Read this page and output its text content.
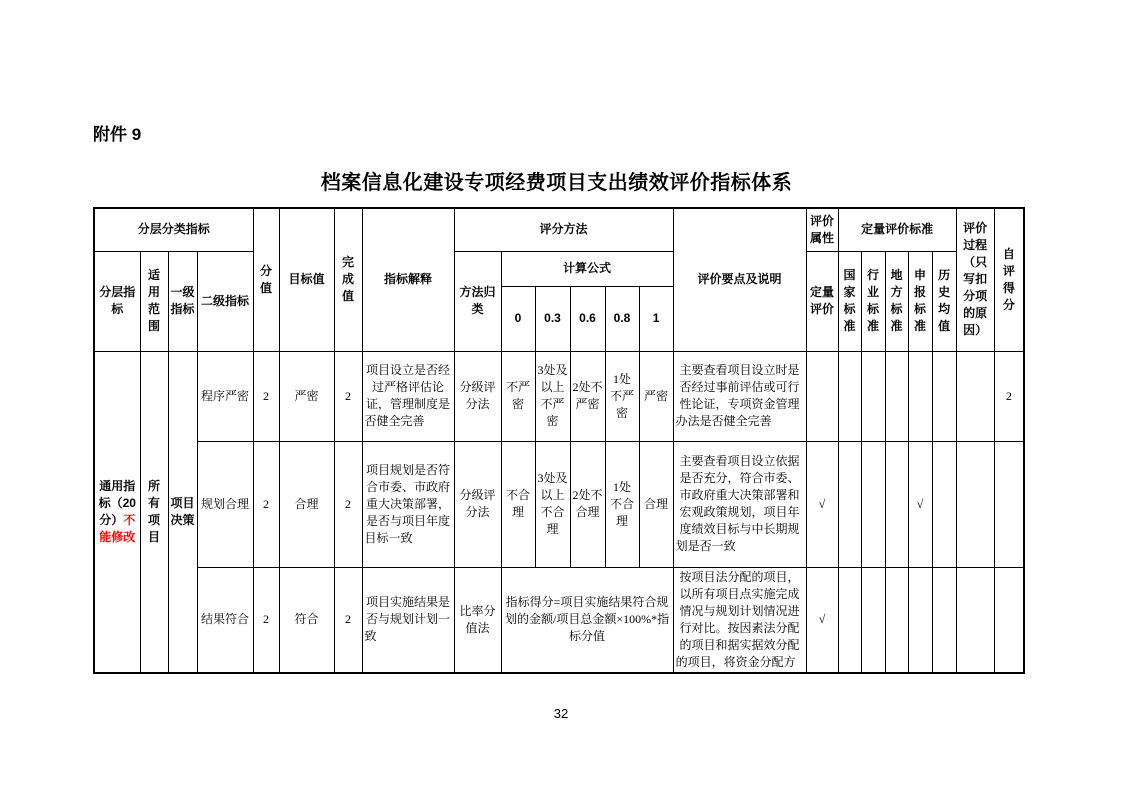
附件 9
档案信息化建设专项经费项目支出绩效评价指标体系
分层分类指标				分值	目标值	完成值	指标解释	评分方法						评价要点及说明	评价属性	定量评价标准					评价过程（只写扣分项的原因）	自评得分

分层指标	适用范围	一级指标	二级指标					方法归类	计算公式						定量评价	国家标准	行业标准	地方标准	申报标准	历史均值		

									0	0.3	0.6	0.8	1									
通用指标（20分）不能修改	所有项目	项目决策	程序严密	2	严密	2	项目设立是否经过严格评估论证，管理制度是否健全完善	分级评分法	不严密	3处及以上不严密	2处不严密	1处不严密	严密	主要查看项目设立时是否经过事前评估或可行性论证，专项资金管理办法是否健全完善								2
			规划合理	2	合理	2	项目规划是否符合市委、市政府重大决策部署，是否与项目年度目标一致	分级评分法	不合理	3处及以上不合理	2处不合理	1处不合理	合理	主要查看项目设立依据是否充分，符合市委、市政府重大决策部署和宏观政策规划，项目年度绩效目标与中长期规划是否一致	√				√			
			结果符合	2	符合	2	项目实施结果是否与规划计划一致	比率分值法	指标得分=项目实施结果符合规划的金额/项目总金额×100%*指标分值					按项目法分配的项目，以所有项目点实施完成情况与规划计划情况进行对比。按因素法分配的项目和据实据效分配的项目，将资金分配方	√							
32
